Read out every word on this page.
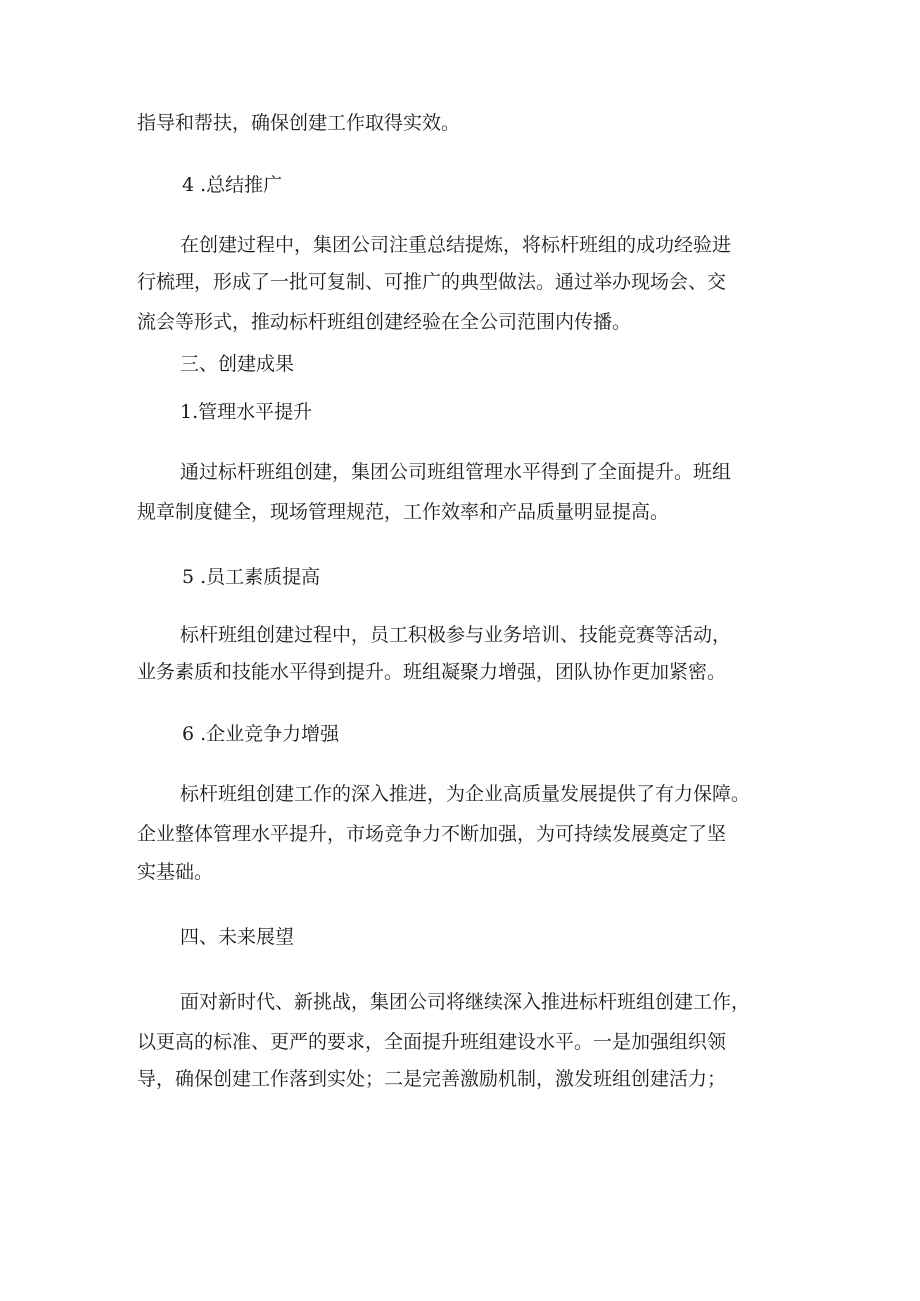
指导和帮扶，确保创建工作取得实效。

4 .总结推广

在创建过程中，集团公司注重总结提炼，将标杆班组的成功经验进

行梳理，形成了一批可复制、可推广的典型做法。通过举办现场会、交

流会等形式，推动标杆班组创建经验在全公司范围内传播。

三、创建成果

1.管理水平提升

通过标杆班组创建，集团公司班组管理水平得到了全面提升。班组

规章制度健全，现场管理规范，工作效率和产品质量明显提高。

5 .员工素质提高

标杆班组创建过程中，员工积极参与业务培训、技能竞赛等活动，

业务素质和技能水平得到提升。班组凝聚力增强，团队协作更加紧密。

6 .企业竞争力增强

标杆班组创建工作的深入推进，为企业高质量发展提供了有力保障。

企业整体管理水平提升，市场竞争力不断加强，为可持续发展奠定了坚

实基础。

四、未来展望

面对新时代、新挑战，集团公司将继续深入推进标杆班组创建工作，

以更高的标准、更严的要求，全面提升班组建设水平。一是加强组织领

导，确保创建工作落到实处；二是完善激励机制，激发班组创建活力；
